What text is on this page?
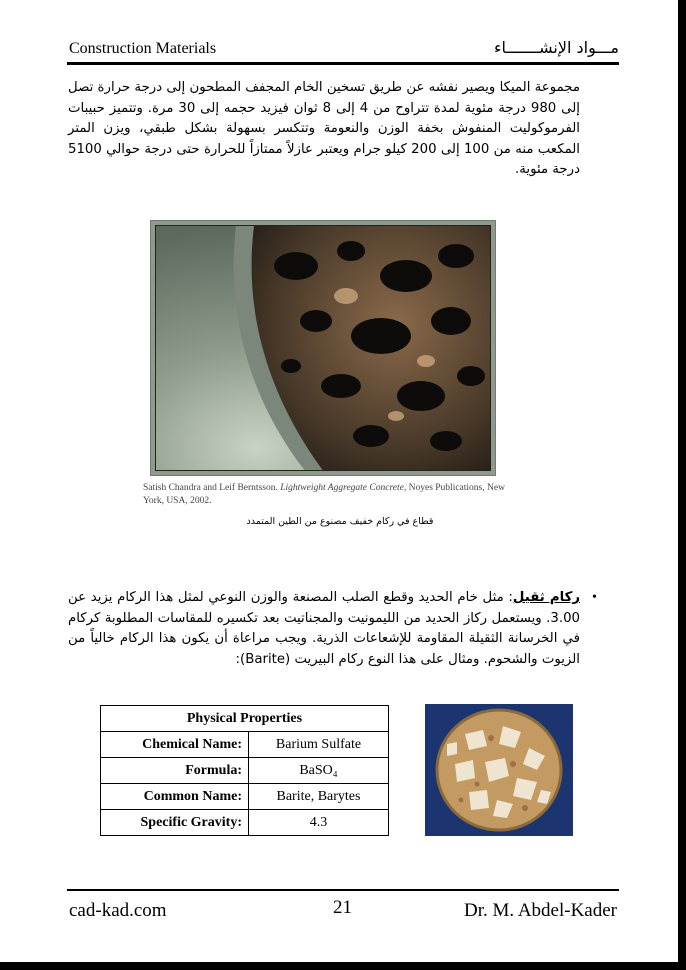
Construction Materials	مـــواد الإنشـــــــاء
مجموعة الميكا ويصير نفشه عن طريق تسخين الخام المجفف المطحون إلى درجة حرارة تصل إلى 980 درجة مئوية لمدة تتراوح من 4 إلى 8 ثوان فيزيد حجمه إلى 30 مرة. وتتميز حبيبات الفرموكوليت المنفوش بخفة الوزن والنعومة وتتكسر بسهولة بشكل طبقي، ويزن المتر المكعب منه من 100 إلى 200 كيلو جرام ويعتبر عازلاً ممتازاً للحرارة حتى درجة حوالي 5100 درجة مئوية.
Satish Chandra and Leif Berntsson. Lightweight Aggregate Concrete, Noyes Publications, New York, USA, 2002.
قطاع في ركام خفيف مصنوع من الطين المتمدد
•
ركام ثقيل: مثل خام الحديد وقطع الصلب المصنعة والوزن النوعي لمثل هذا الركام يزيد عن 3.00. ويستعمل ركاز الحديد من الليمونيت والمجناتيت بعد تكسيره للمقاسات المطلوبة كركام في الخرسانة الثقيلة المقاومة للإشعاعات الذرية. ويجب مراعاة أن يكون هذا الركام خالياً من الزيوت والشحوم. ومثال على هذا النوع ركام البيريت (Barite):
Physical Properties	
Chemical Name:	Barium Sulfate
Formula:	BaSO₄
Common Name:	Barite, Barytes
Specific Gravity:	4.3
cad-kad.com	21	Dr. M. Abdel-Kader
